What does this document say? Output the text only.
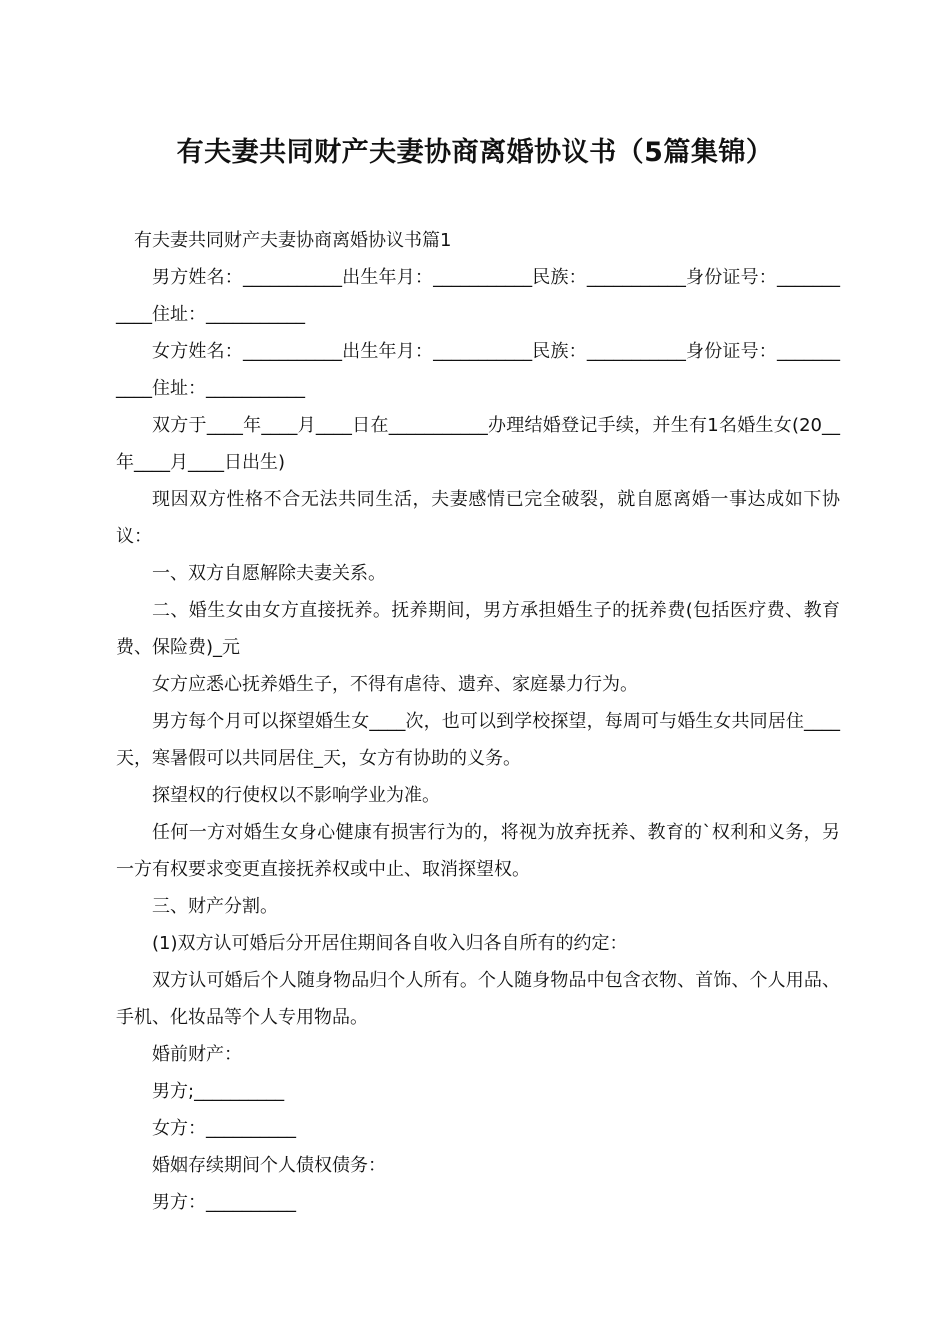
有夫妻共同财产夫妻协商离婚协议书（5篇集锦）

有夫妻共同财产夫妻协商离婚协议书篇1

男方姓名：___________出生年月：___________民族：___________身份证号：___________住址：___________

女方姓名：___________出生年月：___________民族：___________身份证号：___________住址：___________

双方于____年____月____日在___________办理结婚登记手续，并生有1名婚生女(20__年____月____日出生)

现因双方性格不合无法共同生活，夫妻感情已完全破裂，就自愿离婚一事达成如下协议：

一、双方自愿解除夫妻关系。

二、婚生女由女方直接抚养。抚养期间，男方承担婚生子的抚养费(包括医疗费、教育费、保险费)_元

女方应悉心抚养婚生子，不得有虐待、遗弃、家庭暴力行为。

男方每个月可以探望婚生女____次，也可以到学校探望，每周可与婚生女共同居住____天，寒暑假可以共同居住_天，女方有协助的义务。

探望权的行使权以不影响学业为准。

任何一方对婚生女身心健康有损害行为的，将视为放弃抚养、教育的`权利和义务，另一方有权要求变更直接抚养权或中止、取消探望权。

三、财产分割。

(1)双方认可婚后分开居住期间各自收入归各自所有的约定：

双方认可婚后个人随身物品归个人所有。个人随身物品中包含衣物、首饰、个人用品、手机、化妆品等个人专用物品。

婚前财产：

男方;__________

女方：__________

婚姻存续期间个人债权债务：

男方：__________
